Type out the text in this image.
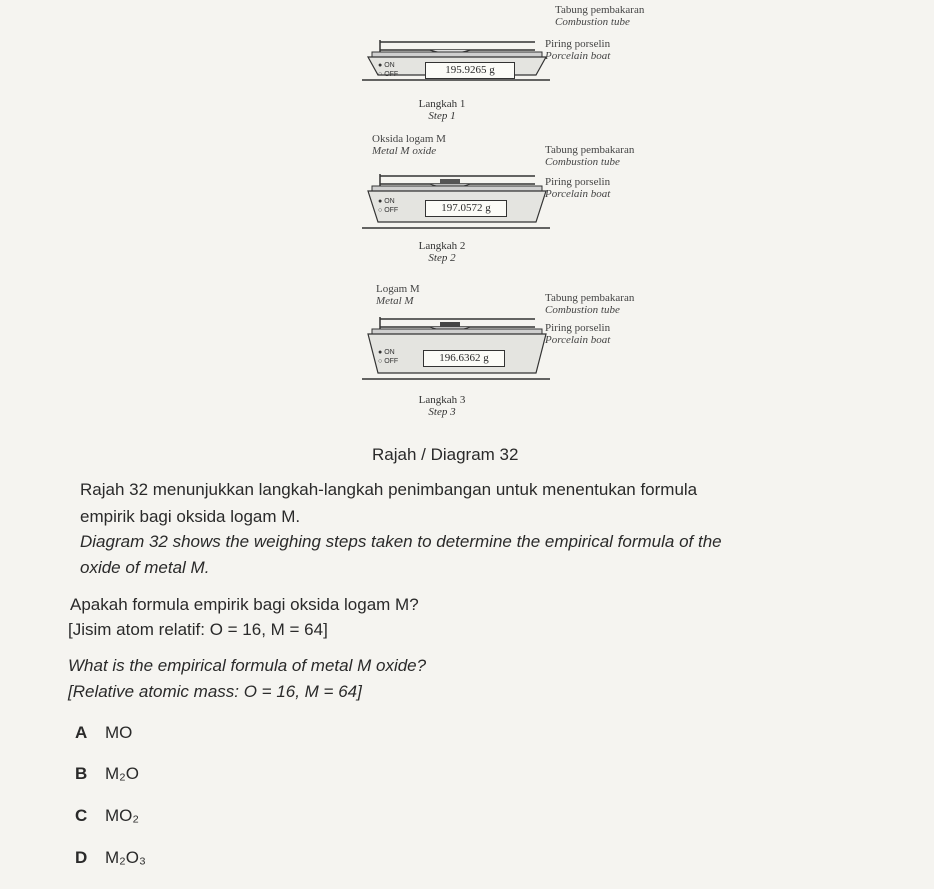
● ON
○ OFF	195.9265 g
Tabung pembakaran
Combustion tube
Piring porselin
Porcelain boat
Langkah 1
Step 1
● ON
○ OFF	197.0572 g
Oksida logam M
Metal M oxide	Tabung pembakaran
Combustion tube
Piring porselin
Porcelain boat
Langkah 2
Step 2
● ON
○ OFF	196.6362 g
Logam M
Metal M	Tabung pembakaran
Combustion tube
Piring porselin
Porcelain boat
Langkah 3
Step 3
Rajah / Diagram 32
Rajah 32 menunjukkan langkah-langkah penimbangan untuk menentukan formula
empirik bagi oksida logam M.
Diagram 32 shows the weighing steps taken to determine the empirical formula of the
oxide of metal M.
Apakah formula empirik bagi oksida logam M?
[Jisim atom relatif: O = 16, M = 64]
What is the empirical formula of metal M oxide?
[Relative atomic mass: O = 16, M = 64]
A MO
B M₂O
C MO₂
D M₂O₃
